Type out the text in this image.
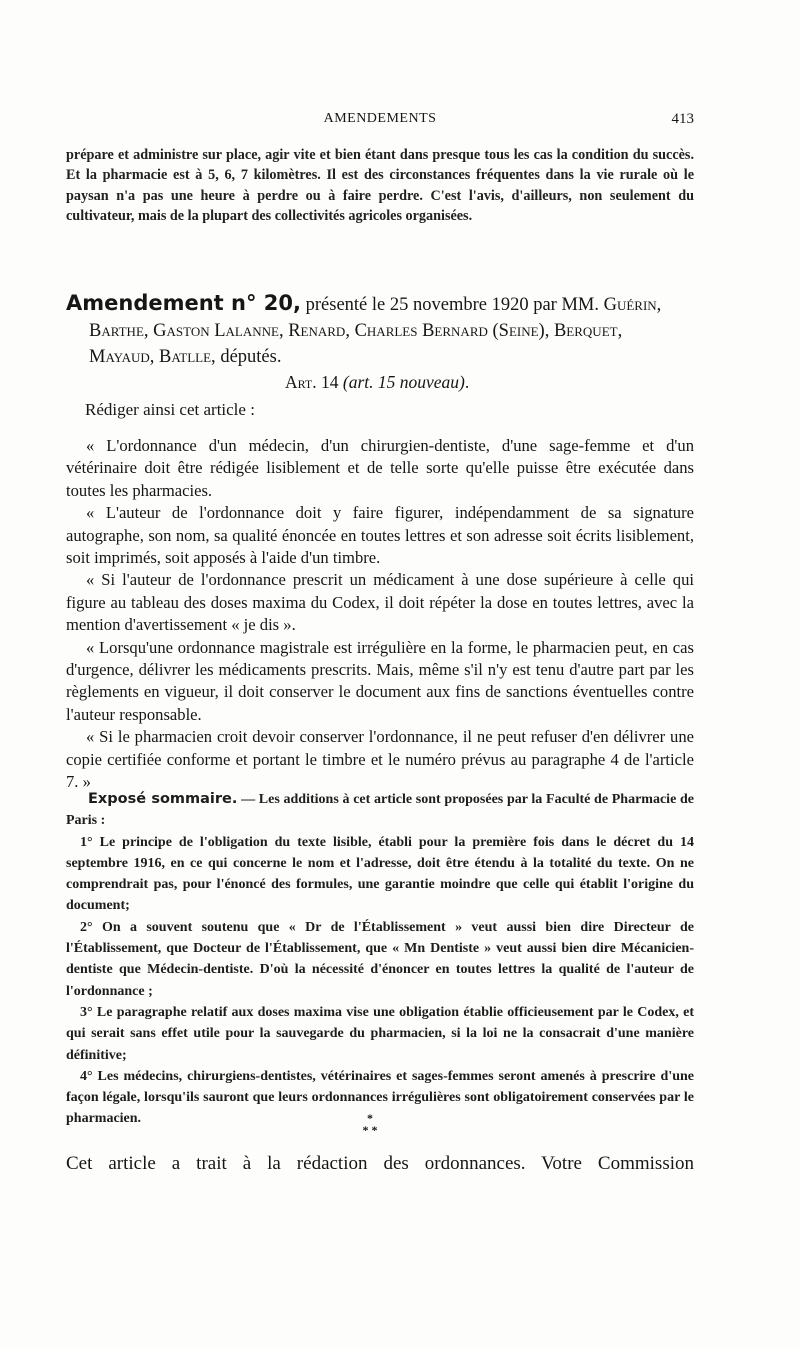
AMENDEMENTS	413

prépare et administre sur place, agir vite et bien étant dans presque tous les cas la condition du succès. Et la pharmacie est à 5, 6, 7 kilomètres. Il est des circonstances fréquentes dans la vie rurale où le paysan n'a pas une heure à perdre ou à faire perdre. C'est l'avis, d'ailleurs, non seulement du cultivateur, mais de la plupart des collectivités agricoles organisées.

Amendement n° 20, présenté le 25 novembre 1920 par MM. Guérin,

Barthe, Gaston Lalanne, Renard, Charles Bernard (Seine), Berquet,

Mayaud, Batlle, députés.

Art. 14 (art. 15 nouveau).
Rédiger ainsi cet article :

« L'ordonnance d'un médecin, d'un chirurgien-dentiste, d'une sage-femme et d'un vétérinaire doit être rédigée lisiblement et de telle sorte qu'elle puisse être exécutée dans toutes les pharmacies.

« L'auteur de l'ordonnance doit y faire figurer, indépendamment de sa signature autographe, son nom, sa qualité énoncée en toutes lettres et son adresse soit écrits lisiblement, soit imprimés, soit apposés à l'aide d'un timbre.

« Si l'auteur de l'ordonnance prescrit un médicament à une dose supérieure à celle qui figure au tableau des doses maxima du Codex, il doit répéter la dose en toutes lettres, avec la mention d'avertissement « je dis ».

« Lorsqu'une ordonnance magistrale est irrégulière en la forme, le pharmacien peut, en cas d'urgence, délivrer les médicaments prescrits. Mais, même s'il n'y est tenu d'autre part par les règlements en vigueur, il doit conserver le document aux fins de sanctions éventuelles contre l'auteur responsable.

« Si le pharmacien croit devoir conserver l'ordonnance, il ne peut refuser d'en délivrer une copie certifiée conforme et portant le timbre et le numéro prévus au paragraphe 4 de l'article 7. »

Exposé sommaire. — Les additions à cet article sont proposées par la Faculté de Pharmacie de Paris :

1° Le principe de l'obligation du texte lisible, établi pour la première fois dans le décret du 14 septembre 1916, en ce qui concerne le nom et l'adresse, doit être étendu à la totalité du texte. On ne comprendrait pas, pour l'énoncé des formules, une garantie moindre que celle qui établit l'origine du document;

2° On a souvent soutenu que « Dr de l'Établissement » veut aussi bien dire Directeur de l'Établissement, que Docteur de l'Établissement, que « Mn Dentiste » veut aussi bien dire Mécanicien-dentiste que Médecin-dentiste. D'où la nécessité d'énoncer en toutes lettres la qualité de l'auteur de l'ordonnance ;

3° Le paragraphe relatif aux doses maxima vise une obligation établie officieusement par le Codex, et qui serait sans effet utile pour la sauvegarde du pharmacien, si la loi ne la consacrait d'une manière définitive;

4° Les médecins, chirurgiens-dentistes, vétérinaires et sages-femmes seront amenés à prescrire d'une façon légale, lorsqu'ils sauront que leurs ordonnances irrégulières sont obligatoirement conservées par le pharmacien.	*
* *
Cet article a trait à la rédaction des ordonnances. Votre Commission
